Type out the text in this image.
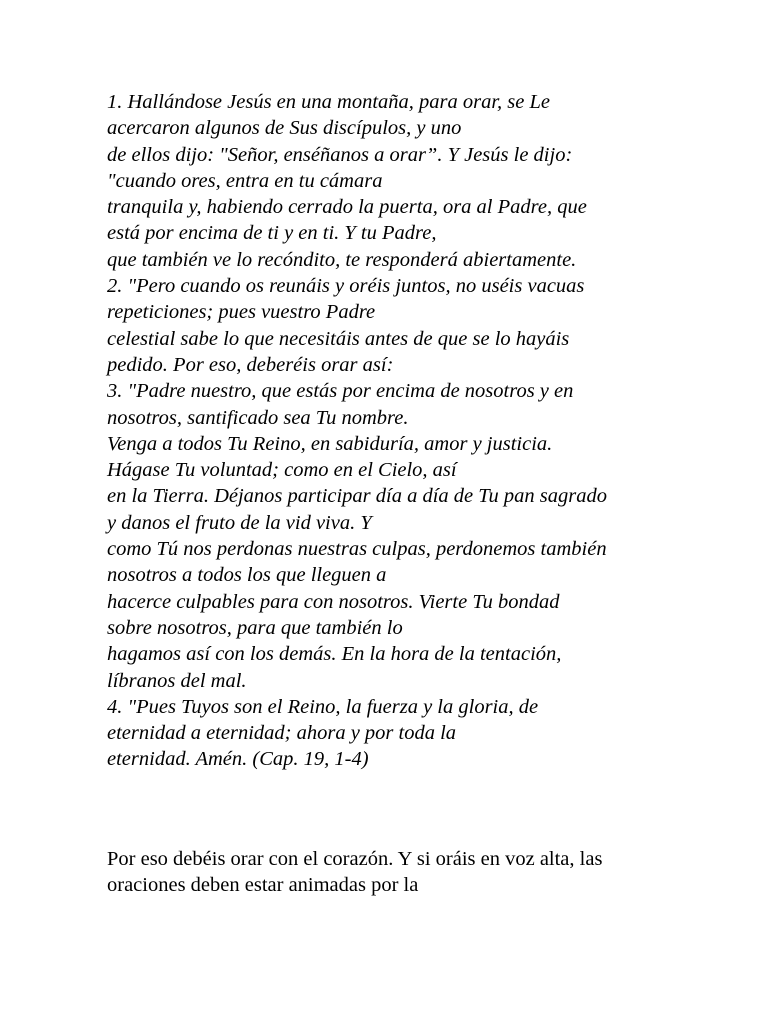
1. Hallándose Jesús en una montaña, para orar, se Le
acercaron algunos de Sus discípulos, y uno
de ellos dijo: "Señor, enséñanos a orar”. Y Jesús le dijo:
"cuando ores, entra en tu cámara
tranquila y, habiendo cerrado la puerta, ora al Padre, que
está por encima de ti y en ti. Y tu Padre,
que también ve lo recóndito, te responderá abiertamente.
2. "Pero cuando os reunáis y oréis juntos, no uséis vacuas
repeticiones; pues vuestro Padre
celestial sabe lo que necesitáis antes de que se lo hayáis
pedido. Por eso, deberéis orar así:
3. "Padre nuestro, que estás por encima de nosotros y en
nosotros, santificado sea Tu nombre.
Venga a todos Tu Reino, en sabiduría, amor y justicia.
Hágase Tu voluntad; como en el Cielo, así
en la Tierra. Déjanos participar día a día de Tu pan sagrado
y danos el fruto de la vid viva. Y
como Tú nos perdonas nuestras culpas, perdonemos también
nosotros a todos los que lleguen a
hacerce culpables para con nosotros. Vierte Tu bondad
sobre nosotros, para que también lo
hagamos así con los demás. En la hora de la tentación,
líbranos del mal.
4. "Pues Tuyos son el Reino, la fuerza y la gloria, de
eternidad a eternidad; ahora y por toda la
eternidad. Amén. (Cap. 19, 1-4)
Por eso debéis orar con el corazón. Y si oráis en voz alta, las
oraciones deben estar animadas por la
